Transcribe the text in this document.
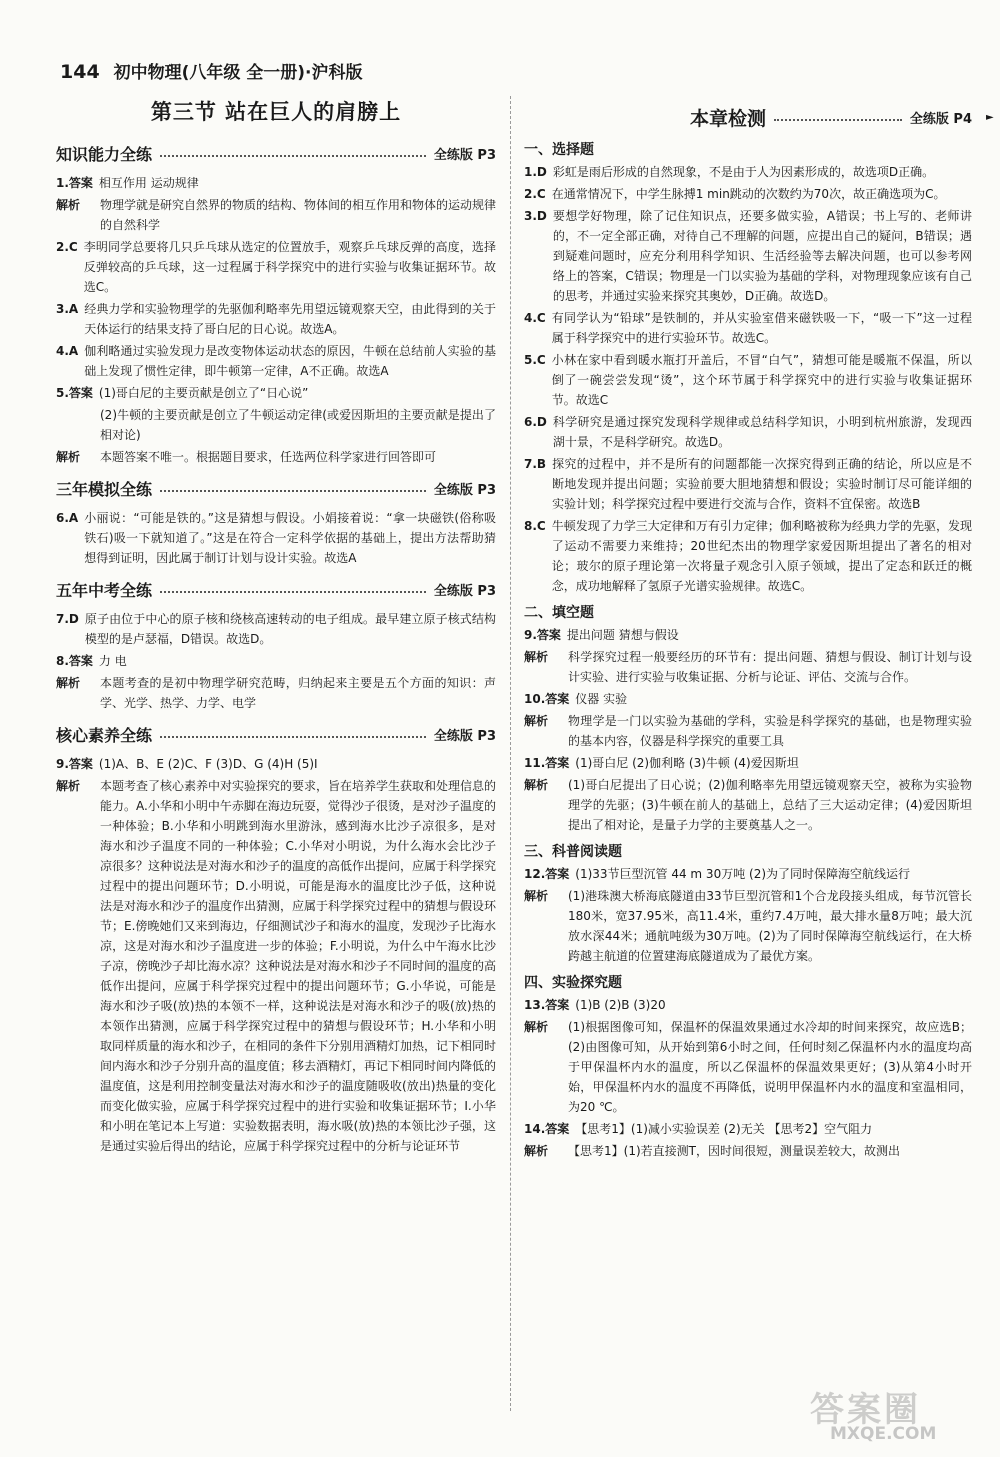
144 初中物理(八年级 全一册)·沪科版
►
第三节 站在巨人的肩膀上
知识能力全练	全练版 P3
1.答案 相互作用 运动规律
解析	物理学就是研究自然界的物质的结构、物体间的相互作用和物体的运动规律的自然科学
2.C 李明同学总要将几只乒乓球从选定的位置放手，观察乒乓球反弹的高度，选择反弹较高的乒乓球，这一过程属于科学探究中的进行实验与收集证据环节。故选C。
3.A 经典力学和实验物理学的先驱伽利略率先用望远镜观察天空，由此得到的关于天体运行的结果支持了哥白尼的日心说。故选A。
4.A 伽利略通过实验发现力是改变物体运动状态的原因，牛顿在总结前人实验的基础上发现了惯性定律，即牛顿第一定律，A不正确。故选A
5.答案 (1)哥白尼的主要贡献是创立了“日心说”
(2)牛顿的主要贡献是创立了牛顿运动定律(或爱因斯坦的主要贡献是提出了相对论)
解析	本题答案不唯一。根据题目要求，任选两位科学家进行回答即可
三年模拟全练	全练版 P3
6.A 小丽说：“可能是铁的。”这是猜想与假设。小娟接着说：“拿一块磁铁(俗称吸铁石)吸一下就知道了。”这是在符合一定科学依据的基础上，提出方法帮助猜想得到证明，因此属于制订计划与设计实验。故选A
五年中考全练	全练版 P3
7.D 原子由位于中心的原子核和绕核高速转动的电子组成。最早建立原子核式结构模型的是卢瑟福，D错误。故选D。
8.答案 力 电
解析	本题考查的是初中物理学研究范畴，归纳起来主要是五个方面的知识：声学、光学、热学、力学、电学
核心素养全练	全练版 P3
9.答案 (1)A、B、E (2)C、F (3)D、G (4)H (5)I
解析	本题考查了核心素养中对实验探究的要求，旨在培养学生获取和处理信息的能力。A.小华和小明中午赤脚在海边玩耍，觉得沙子很烫，是对沙子温度的一种体验；B.小华和小明跳到海水里游泳，感到海水比沙子凉很多，是对海水和沙子温度不同的一种体验；C.小华对小明说，为什么海水会比沙子凉很多？这种说法是对海水和沙子的温度的高低作出提问，应属于科学探究过程中的提出问题环节；D.小明说，可能是海水的温度比沙子低，这种说法是对海水和沙子的温度作出猜测，应属于科学探究过程中的猜想与假设环节；E.傍晚她们又来到海边，仔细测试沙子和海水的温度，发现沙子比海水凉，这是对海水和沙子温度进一步的体验；F.小明说，为什么中午海水比沙子凉，傍晚沙子却比海水凉？这种说法是对海水和沙子不同时间的温度的高低作出提问，应属于科学探究过程中的提出问题环节；G.小华说，可能是海水和沙子吸(放)热的本领不一样，这种说法是对海水和沙子的吸(放)热的本领作出猜测，应属于科学探究过程中的猜想与假设环节；H.小华和小明取同样质量的海水和沙子，在相同的条件下分别用酒精灯加热，记下相同时间内海水和沙子分别升高的温度值；移去酒精灯，再记下相同时间内降低的温度值，这是利用控制变量法对海水和沙子的温度随吸收(放出)热量的变化而变化做实验，应属于科学探究过程中的进行实验和收集证据环节；I.小华和小明在笔记本上写道：实验数据表明，海水吸(放)热的本领比沙子强，这是通过实验后得出的结论，应属于科学探究过程中的分析与论证环节
本章检测	全练版 P4
一、选择题
1.D 彩虹是雨后形成的自然现象，不是由于人为因素形成的，故选项D正确。
2.C 在通常情况下，中学生脉搏1 min跳动的次数约为70次，故正确选项为C。
3.D 要想学好物理，除了记住知识点，还要多做实验，A错误；书上写的、老师讲的，不一定全部正确，对待自己不理解的问题，应提出自己的疑问，B错误；遇到疑难问题时，应充分利用科学知识、生活经验等去解决问题，也可以参考网络上的答案，C错误；物理是一门以实验为基础的学科，对物理现象应该有自己的思考，并通过实验来探究其奥妙，D正确。故选D。
4.C 有同学认为“铅球”是铁制的，并从实验室借来磁铁吸一下，“吸一下”这一过程属于科学探究中的进行实验环节。故选C。
5.C 小林在家中看到暖水瓶打开盖后，不冒“白气”，猜想可能是暖瓶不保温，所以倒了一碗尝尝发现“烫”，这个环节属于科学探究中的进行实验与收集证据环节。故选C
6.D 科学研究是通过探究发现科学规律或总结科学知识，小明到杭州旅游，发现西湖十景，不是科学研究。故选D。
7.B 探究的过程中，并不是所有的问题都能一次探究得到正确的结论，所以应是不断地发现并提出问题；实验前要大胆地猜想和假设；实验时制订尽可能详细的实验计划；科学探究过程中要进行交流与合作，资料不宜保密。故选B
8.C 牛顿发现了力学三大定律和万有引力定律；伽利略被称为经典力学的先驱，发现了运动不需要力来维持；20世纪杰出的物理学家爱因斯坦提出了著名的相对论；玻尔的原子理论第一次将量子观念引入原子领域，提出了定态和跃迁的概念，成功地解释了氢原子光谱实验规律。故选C。
二、填空题
9.答案 提出问题 猜想与假设
解析	科学探究过程一般要经历的环节有：提出问题、猜想与假设、制订计划与设计实验、进行实验与收集证据、分析与论证、评估、交流与合作。
10.答案 仪器 实验
解析	物理学是一门以实验为基础的学科，实验是科学探究的基础，也是物理实验的基本内容，仪器是科学探究的重要工具
11.答案 (1)哥白尼 (2)伽利略 (3)牛顿 (4)爱因斯坦
解析	(1)哥白尼提出了日心说；(2)伽利略率先用望远镜观察天空，被称为实验物理学的先驱；(3)牛顿在前人的基础上，总结了三大运动定律；(4)爱因斯坦提出了相对论，是量子力学的主要奠基人之一。
三、科普阅读题
12.答案 (1)33节巨型沉管 44 m 30万吨 (2)为了同时保障海空航线运行
解析	(1)港珠澳大桥海底隧道由33节巨型沉管和1个合龙段接头组成，每节沉管长180米，宽37.95米，高11.4米，重约7.4万吨，最大排水量8万吨；最大沉放水深44米；通航吨级为30万吨。(2)为了同时保障海空航线运行，在大桥跨越主航道的位置建海底隧道成为了最优方案。
四、实验探究题
13.答案 (1)B (2)B (3)20
解析	(1)根据图像可知，保温杯的保温效果通过水冷却的时间来探究，故应选B；(2)由图像可知，从开始到第6小时之间，任何时刻乙保温杯内水的温度均高于甲保温杯内水的温度，所以乙保温杯的保温效果更好；(3)从第4小时开始，甲保温杯内水的温度不再降低，说明甲保温杯内水的温度和室温相同，为20 ℃。
14.答案 【思考1】(1)减小实验误差 (2)无关 【思考2】空气阻力
解析	【思考1】(1)若直接测T，因时间很短，测量误差较大，故测出
答案圈
MXQE.COM
